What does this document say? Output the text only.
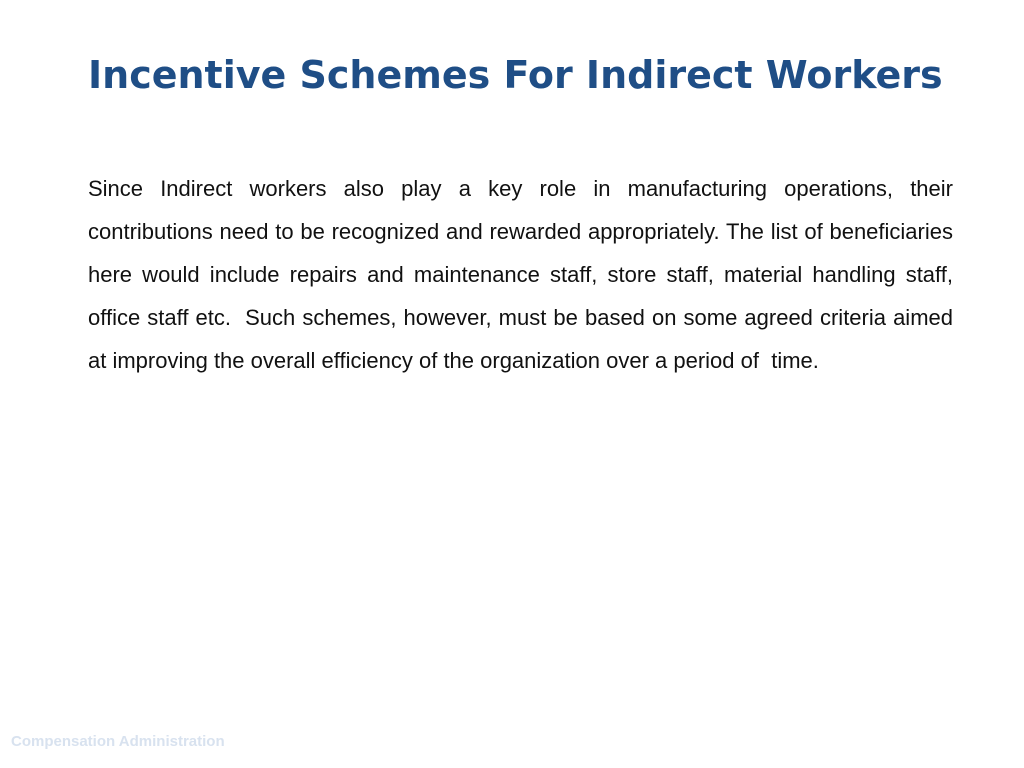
Incentive Schemes For Indirect Workers

Since Indirect workers also play a key role in manufacturing operations, their contributions need to be recognized and rewarded appropriately. The list of beneficiaries here would include repairs and maintenance staff, store staff, material handling staff, office staff etc.  Such schemes, however, must be based on some agreed criteria aimed at improving the overall efficiency of the organization over a period of  time.

Compensation Administration
